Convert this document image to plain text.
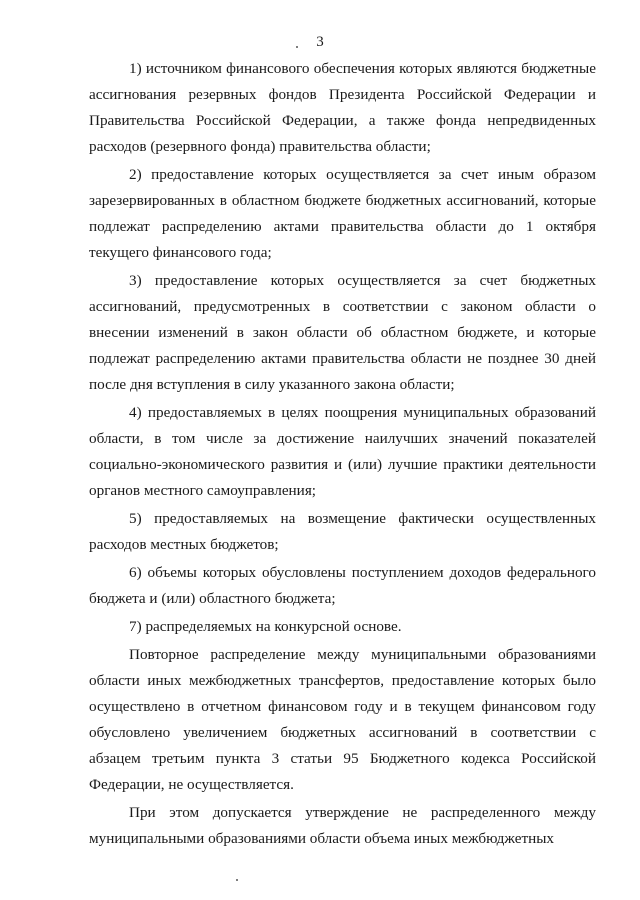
3

1) источником финансового обеспечения которых являются бюджетные ассигнования резервных фондов Президента Российской Федерации и Правительства Российской Федерации, а также фонда непредвиденных расходов (резервного фонда) правительства области;

2) предоставление которых осуществляется за счет иным образом зарезервированных в областном бюджете бюджетных ассигнований, которые подлежат распределению актами правительства области до 1 октября текущего финансового года;

3) предоставление которых осуществляется за счет бюджетных ассигнований, предусмотренных в соответствии с законом области о внесении изменений в закон области об областном бюджете, и которые подлежат распределению актами правительства области не позднее 30 дней после дня вступления в силу указанного закона области;

4) предоставляемых в целях поощрения муниципальных образований области, в том числе за достижение наилучших значений показателей социально-экономического развития и (или) лучшие практики деятельности органов местного самоуправления;

5) предоставляемых на возмещение фактически осуществленных расходов местных бюджетов;

6) объемы которых обусловлены поступлением доходов федерального бюджета и (или) областного бюджета;

7) распределяемых на конкурсной основе.

Повторное распределение между муниципальными образованиями области иных межбюджетных трансфертов, предоставление которых было осуществлено в отчетном финансовом году и в текущем финансовом году обусловлено увеличением бюджетных ассигнований в соответствии с абзацем третьим пункта 3 статьи 95 Бюджетного кодекса Российской Федерации, не осуществляется.

При этом допускается утверждение не распределенного между муниципальными образованиями области объема иных межбюджетных
